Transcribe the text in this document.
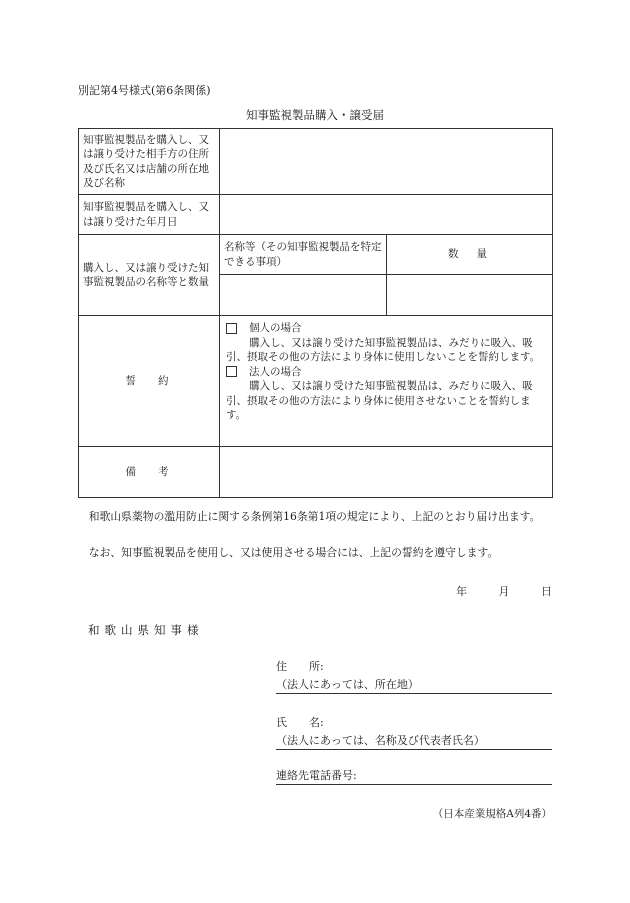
別記第4号様式(第6条関係)
知事監視製品購入・譲受届
知事監視製品を購入し、又は譲り受けた相手方の住所及び氏名又は店舗の所在地及び名称		
知事監視製品を購入し、又は譲り受けた年月日		
購入し、又は譲り受けた知事監視製品の名称等と数量	名称等（その知事監視製品を特定できる事項）	数量

誓約	個人の場合
購入し、又は譲り受けた知事監視製品は、みだりに吸入、吸引、摂取その他の方法により身体に使用しないことを誓約します。
法人の場合
購入し、又は譲り受けた知事監視製品は、みだりに吸入、吸引、摂取その他の方法により身体に使用させないことを誓約します。	

備考		
和歌山県薬物の濫用防止に関する条例第16条第1項の規定により、上記のとおり届け出ます。
なお、知事監視製品を使用し、又は使用させる場合には、上記の誓約を遵守します。
年	月	日
和歌山県知事様
住　　所:
（法人にあっては、所在地）
氏　　名:
（法人にあっては、名称及び代表者氏名）
連絡先電話番号:
（日本産業規格A列4番）
